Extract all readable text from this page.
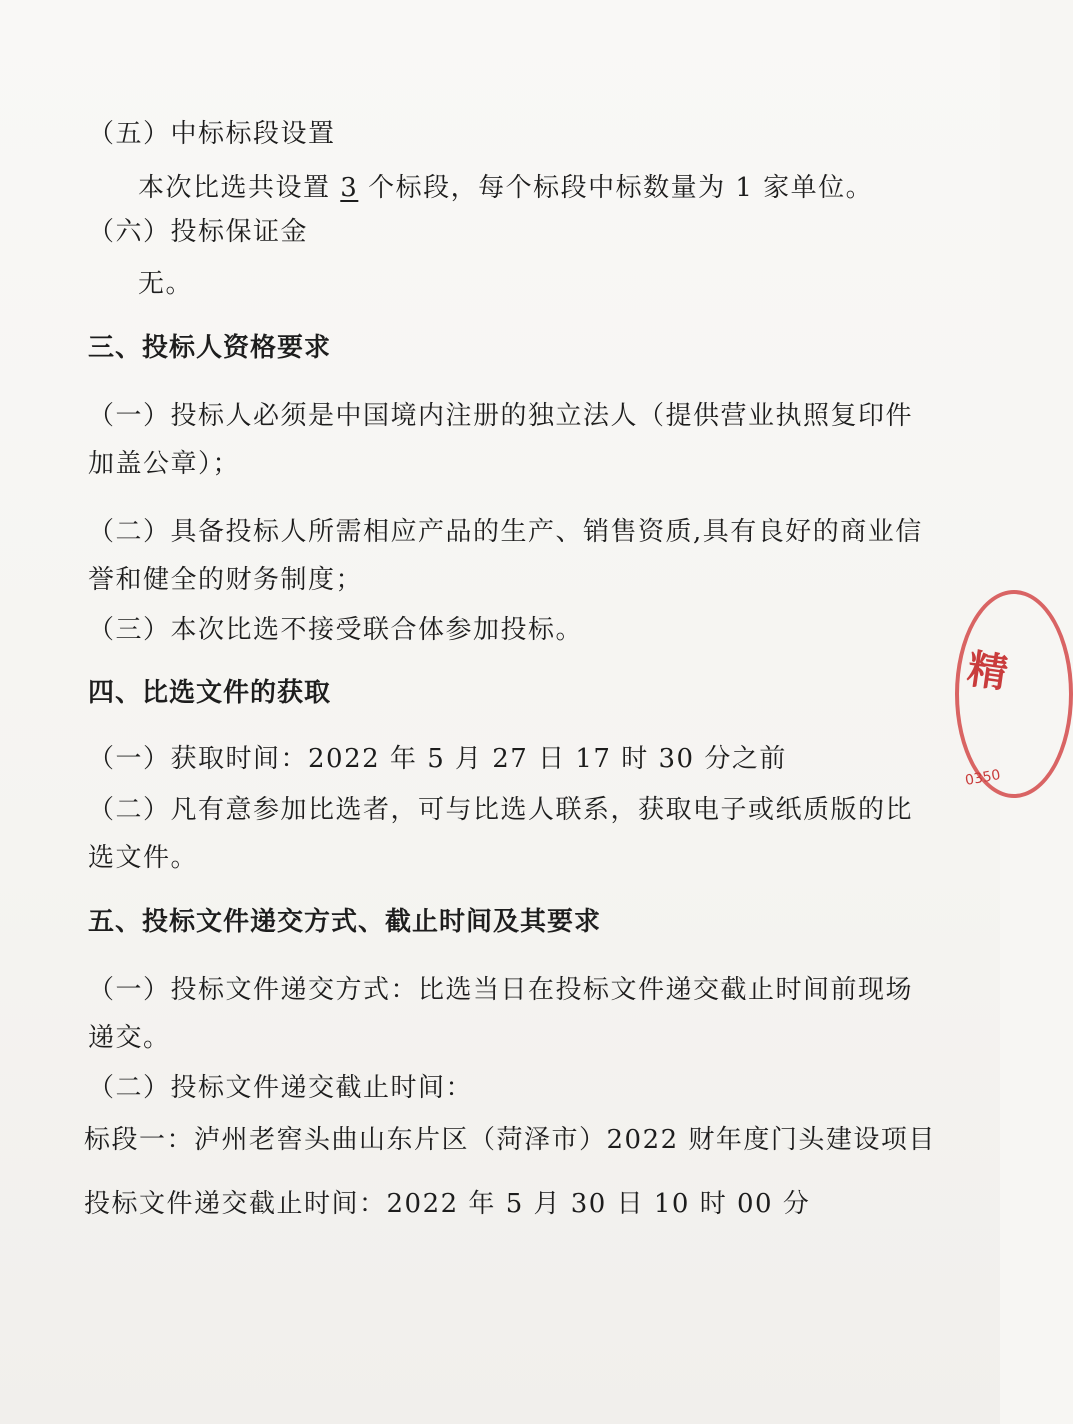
（五）中标标段设置
本次比选共设置 3 个标段，每个标段中标数量为 1 家单位。
（六）投标保证金
无。
三、投标人资格要求
（一）投标人必须是中国境内注册的独立法人（提供营业执照复印件
加盖公章）；
（二）具备投标人所需相应产品的生产、销售资质,具有良好的商业信
誉和健全的财务制度；
（三）本次比选不接受联合体参加投标。
四、比选文件的获取
（一）获取时间：2022 年 5 月 27 日 17 时 30 分之前
（二）凡有意参加比选者，可与比选人联系，获取电子或纸质版的比
选文件。
五、投标文件递交方式、截止时间及其要求
（一）投标文件递交方式：比选当日在投标文件递交截止时间前现场
递交。
（二）投标文件递交截止时间：
标段一：泸州老窖头曲山东片区（菏泽市）2022 财年度门头建设项目
投标文件递交截止时间：2022 年 5 月 30 日 10 时 00 分
精
0350
